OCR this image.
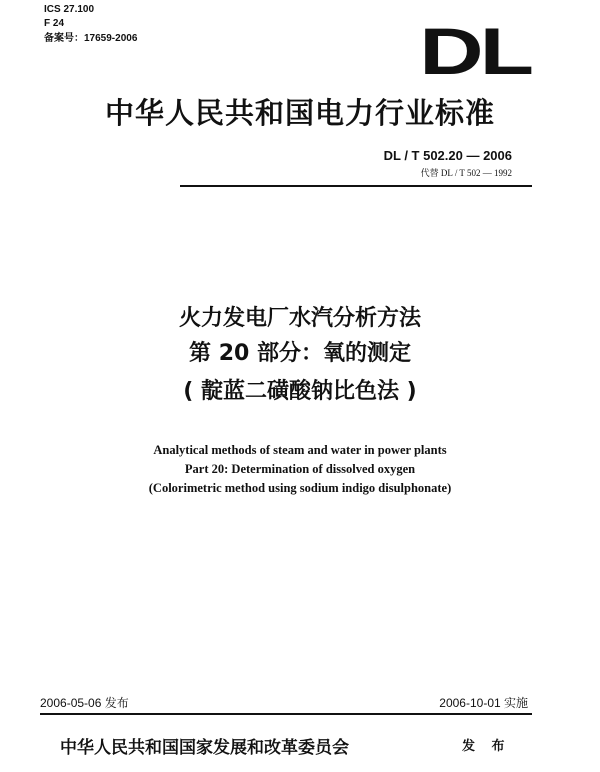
ICS 27.100
F 24
备案号：17659-2006	DL
中华人民共和国电力行业标准
DL / T 502.20 — 2006
代替 DL / T 502 — 1992
火力发电厂水汽分析方法
第 20 部分：氧的测定
( 靛蓝二磺酸钠比色法 )
Analytical methods of steam and water in power plants
Part 20: Determination of dissolved oxygen
(Colorimetric method using sodium indigo disulphonate)
2006-05-06 发布	2006-10-01 实施
中华人民共和国国家发展和改革委员会	发 布
